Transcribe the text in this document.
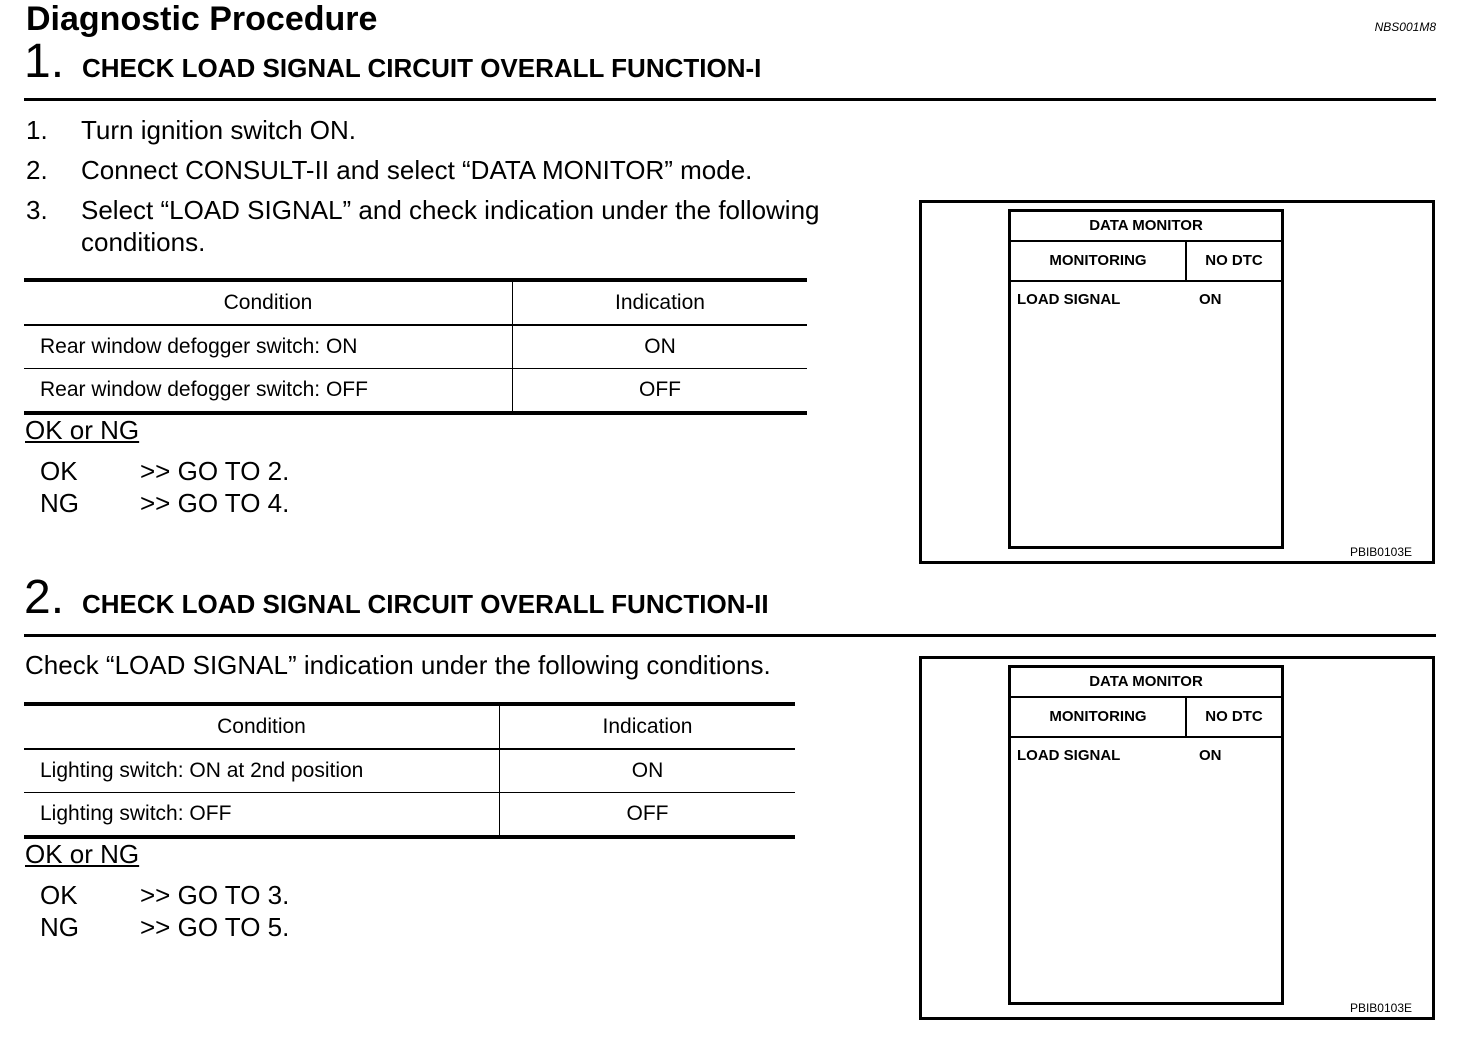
Diagnostic Procedure	NBS001M8
1. CHECK LOAD SIGNAL CIRCUIT OVERALL FUNCTION-I
1.	Turn ignition switch ON.
2.	Connect CONSULT-II and select “DATA MONITOR” mode.
3.	Select “LOAD SIGNAL” and check indication under the following conditions.
Condition	Indication
Rear window defogger switch: ON	ON
Rear window defogger switch: OFF	OFF
OK or NG
OK	>> GO TO 2.
NG	>> GO TO 4.
DATA MONITOR
MONITORING	NO DTC
LOAD SIGNAL	ON
PBIB0103E
2. CHECK LOAD SIGNAL CIRCUIT OVERALL FUNCTION-II
Check “LOAD SIGNAL” indication under the following conditions.
Condition	Indication
Lighting switch: ON at 2nd position	ON
Lighting switch: OFF	OFF
OK or NG
OK	>> GO TO 3.
NG	>> GO TO 5.
DATA MONITOR
MONITORING	NO DTC
LOAD SIGNAL	ON
PBIB0103E
